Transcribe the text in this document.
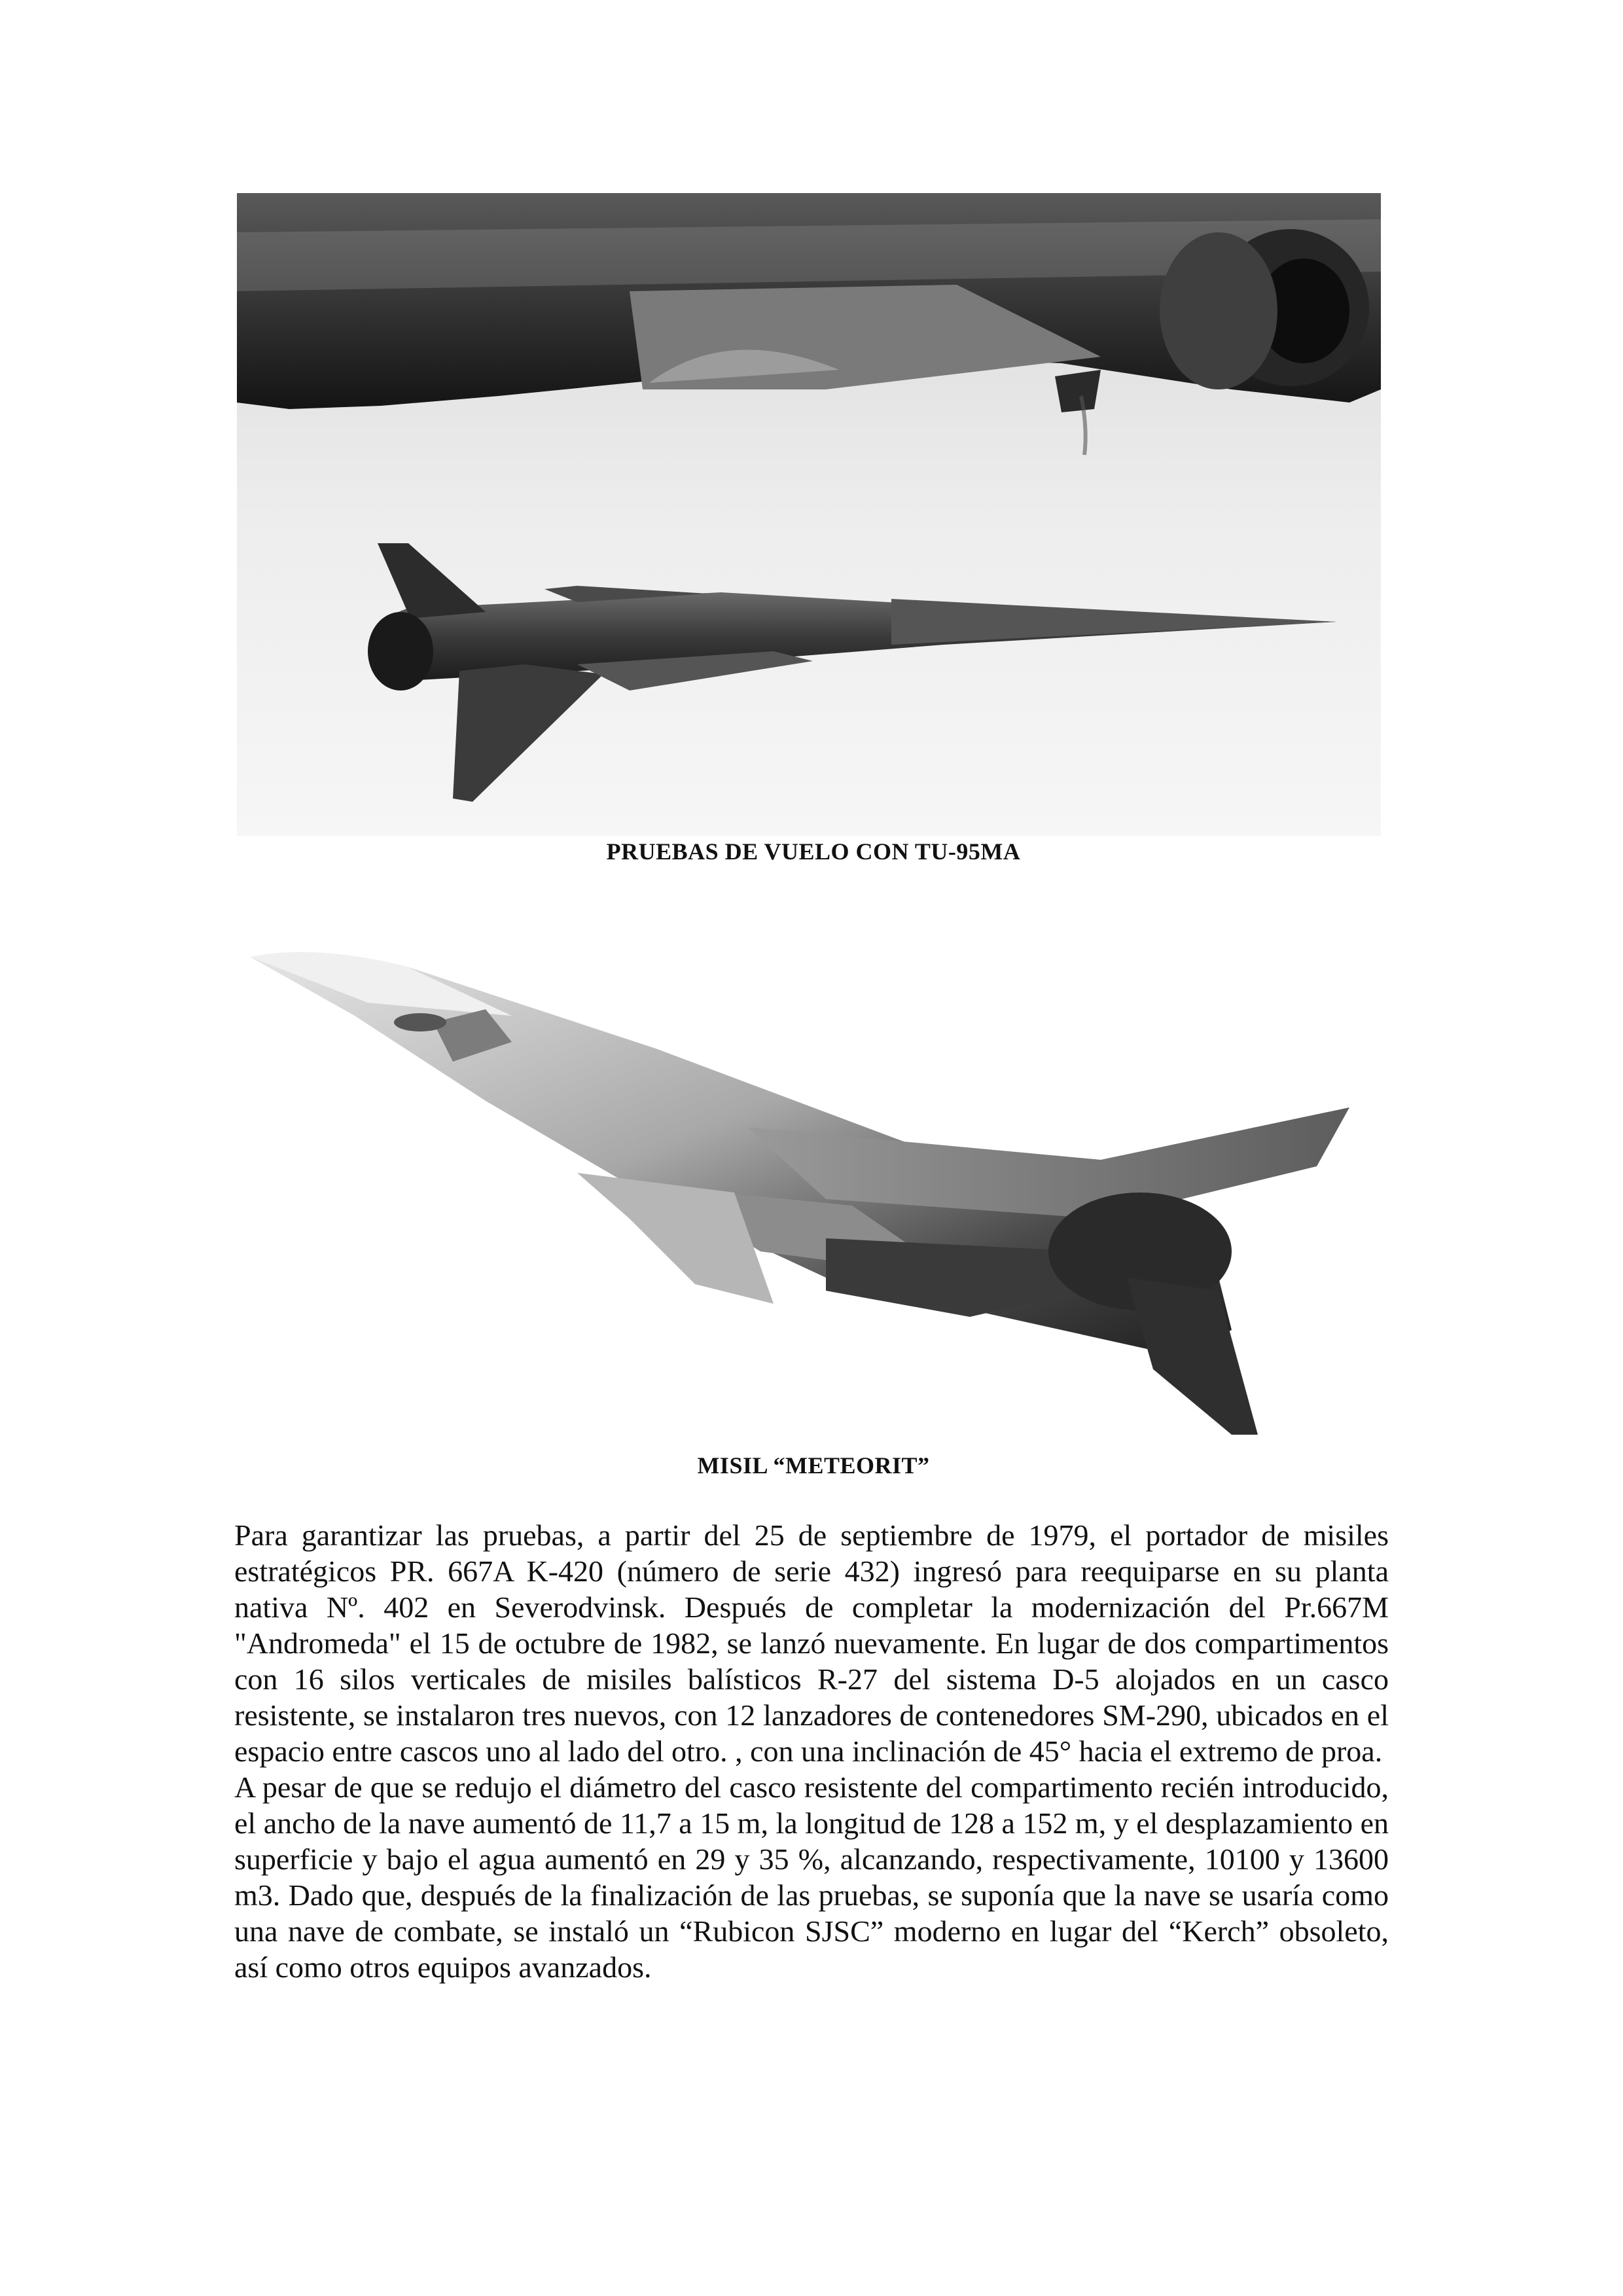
PRUEBAS DE VUELO CON TU-95MA
MISIL “METEORIT”

Para garantizar las pruebas, a partir del 25 de septiembre de 1979, el portador de misiles estratégicos PR. 667A K-420 (número de serie 432) ingresó para reequiparse en su planta nativa Nº. 402 en Severodvinsk. Después de completar la modernización del Pr.667M "Andromeda" el 15 de octubre de 1982, se lanzó nuevamente. En lugar de dos compartimentos con 16 silos verticales de misiles balísticos R-27 del sistema D-5 alojados en un casco resistente, se instalaron tres nuevos, con 12 lanzadores de contenedores SM-290, ubicados en el espacio entre cascos uno al lado del otro. , con una inclinación de 45° hacia el extremo de proa.

A pesar de que se redujo el diámetro del casco resistente del compartimento recién introducido, el ancho de la nave aumentó de 11,7 a 15 m, la longitud de 128 a 152 m, y el desplazamiento en superficie y bajo el agua aumentó en 29 y 35 %, alcanzando, respectivamente, 10100 y 13600 m3. Dado que, después de la finalización de las pruebas, se suponía que la nave se usaría como una nave de combate, se instaló un “Rubicon SJSC” moderno en lugar del “Kerch” obsoleto, así como otros equipos avanzados.
